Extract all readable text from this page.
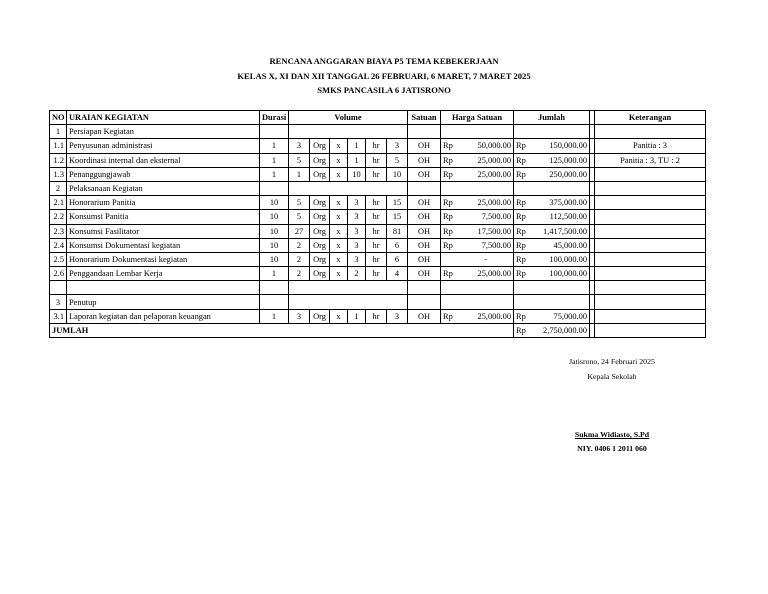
RENCANA ANGGARAN BIAYA P5 TEMA KEBEKERJAAN
KELAS X, XI DAN XII TANGGAL 26 FEBRUARI, 6 MARET, 7 MARET 2025
SMKS PANCASILA 6 JATISRONO
NO	URAIAN KEGIATAN	Durasi	Volume						Satuan	Harga Satuan		Jumlah			Keterangan
1	Persiapan Kegiatan														
1.1	Penyusunan administrasi	1	3	Org	x	1	hr	3	OH	Rp	50,000.00	Rp	150,000.00		Panitia : 3
1.2	Koordinasi internal dan eksternal	1	5	Org	x	1	hr	5	OH	Rp	25,000.00	Rp	125,000.00		Panitia : 3, TU : 2
1.3	Penanggungjawab	1	1	Org	x	10	hr	10	OH	Rp	25,000.00	Rp	250,000.00		
2	Pelaksanaan Kegiatan														
2.1	Honorarium Panitia	10	5	Org	x	3	hr	15	OH	Rp	25,000.00	Rp	375,000.00		
2.2	Konsumsi Panitia	10	5	Org	x	3	hr	15	OH	Rp	7,500.00	Rp	112,500.00		
2.3	Konsumsi Fasilitator	10	27	Org	x	3	hr	81	OH	Rp	17,500.00	Rp	1,417,500.00		
2.4	Konsumsi Dokumentasi kegiatan	10	2	Org	x	3	hr	6	OH	Rp	7,500.00	Rp	45,000.00		
2.5	Honorarium Dokumentasi kegiatan	10	2	Org	x	3	hr	6	OH		-	Rp	100,000.00		
2.6	Penggandaan Lembar Kerja	1	2	Org	x	2	hr	4	OH	Rp	25,000.00	Rp	100,000.00		

3	Penutup														
3.1	Laporan kegiatan dan pelaporan keuangan	1	3	Org	x	1	hr	3	OH	Rp	25,000.00	Rp	75,000.00		
JUMLAH												Rp	2,750,000.00		
Jatisrono, 24 Februari 2025
Kepala Sekolah
Sukma Widiasto, S.Pd
NIY. 0406 1 2011 060
